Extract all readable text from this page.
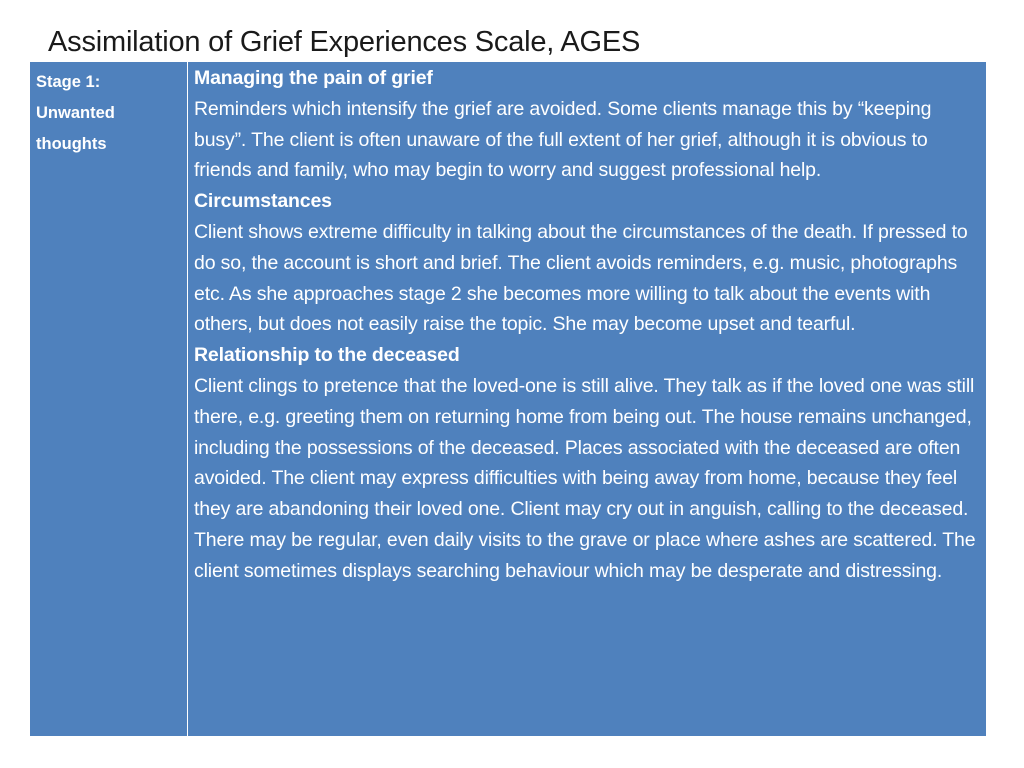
Assimilation of Grief Experiences Scale, AGES
Stage 1:
Unwanted
thoughts
Managing the pain of grief
Reminders which intensify the grief are avoided. Some clients manage this by “keeping busy”. The client is often unaware of the full extent of her grief, although it is obvious to friends and family, who may begin to worry and suggest professional help.
Circumstances
Client shows extreme difficulty in talking about the circumstances of the death. If pressed to do so, the account is short and brief. The client avoids reminders, e.g. music, photographs etc. As she approaches stage 2 she becomes more willing to talk about the events with others, but does not easily raise the topic. She may become upset and tearful.
Relationship to the deceased
Client clings to pretence that the loved-one is still alive. They talk as if the loved one was still there, e.g. greeting them on returning home from being out. The house remains unchanged, including the possessions of the deceased. Places associated with the deceased are often avoided. The client may express difficulties with being away from home, because they feel they are abandoning their loved one. Client may cry out in anguish, calling to the deceased. There may be regular, even daily visits to the grave or place where ashes are scattered. The client sometimes displays searching behaviour which may be desperate and distressing.
